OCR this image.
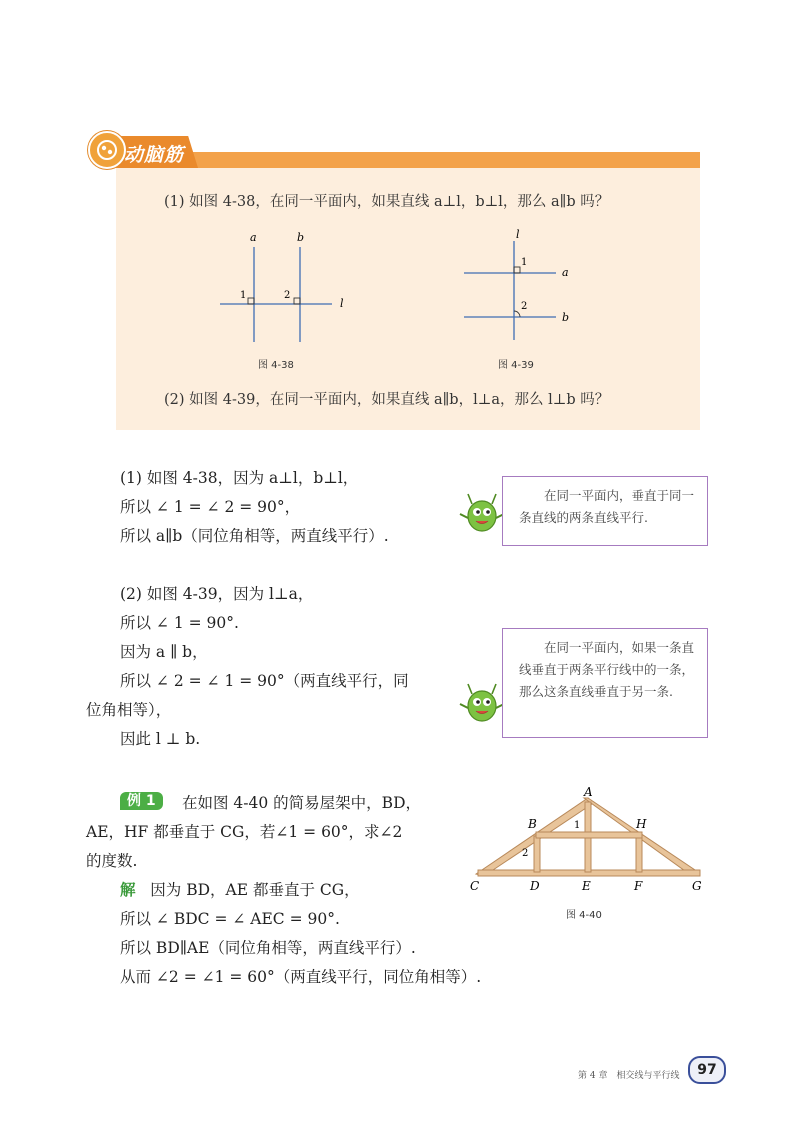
动脑筋
(1) 如图 4-38，在同一平面内，如果直线 a⊥l，b⊥l，那么 a∥b 吗？
a	b
l
1	2
图 4-38
l
a
b
1
2
图 4-39
(2) 如图 4-39，在同一平面内，如果直线 a∥b，l⊥a，那么 l⊥b 吗？
(1) 如图 4-38，因为 a⊥l，b⊥l，
所以 ∠ 1 = ∠ 2 = 90°，
所以 a∥b（同位角相等，两直线平行）.
在同一平面内，垂直于同一条直线的两条直线平行.
(2) 如图 4-39，因为 l⊥a，
所以 ∠ 1 = 90°.
因为 a ∥ b，
所以 ∠ 2 = ∠ 1 = 90°（两直线平行，同
位角相等），
因此 l ⊥ b.
在同一平面内，如果一条直线垂直于两条平行线中的一条，那么这条直线垂直于另一条.
例 1	在如图 4-40 的简易屋架中，BD，
AE，HF 都垂直于 CG，若∠1 = 60°，求∠2
的度数.
解 因为 BD，AE 都垂直于 CG，
所以 ∠ BDC = ∠ AEC = 90°.
所以 BD∥AE（同位角相等，两直线平行）.
从而 ∠2 = ∠1 = 60°（两直线平行，同位角相等）.
A
B	H
C	D	E	F	G
1
2
图 4-40
第 4 章　相交线与平行线	97
